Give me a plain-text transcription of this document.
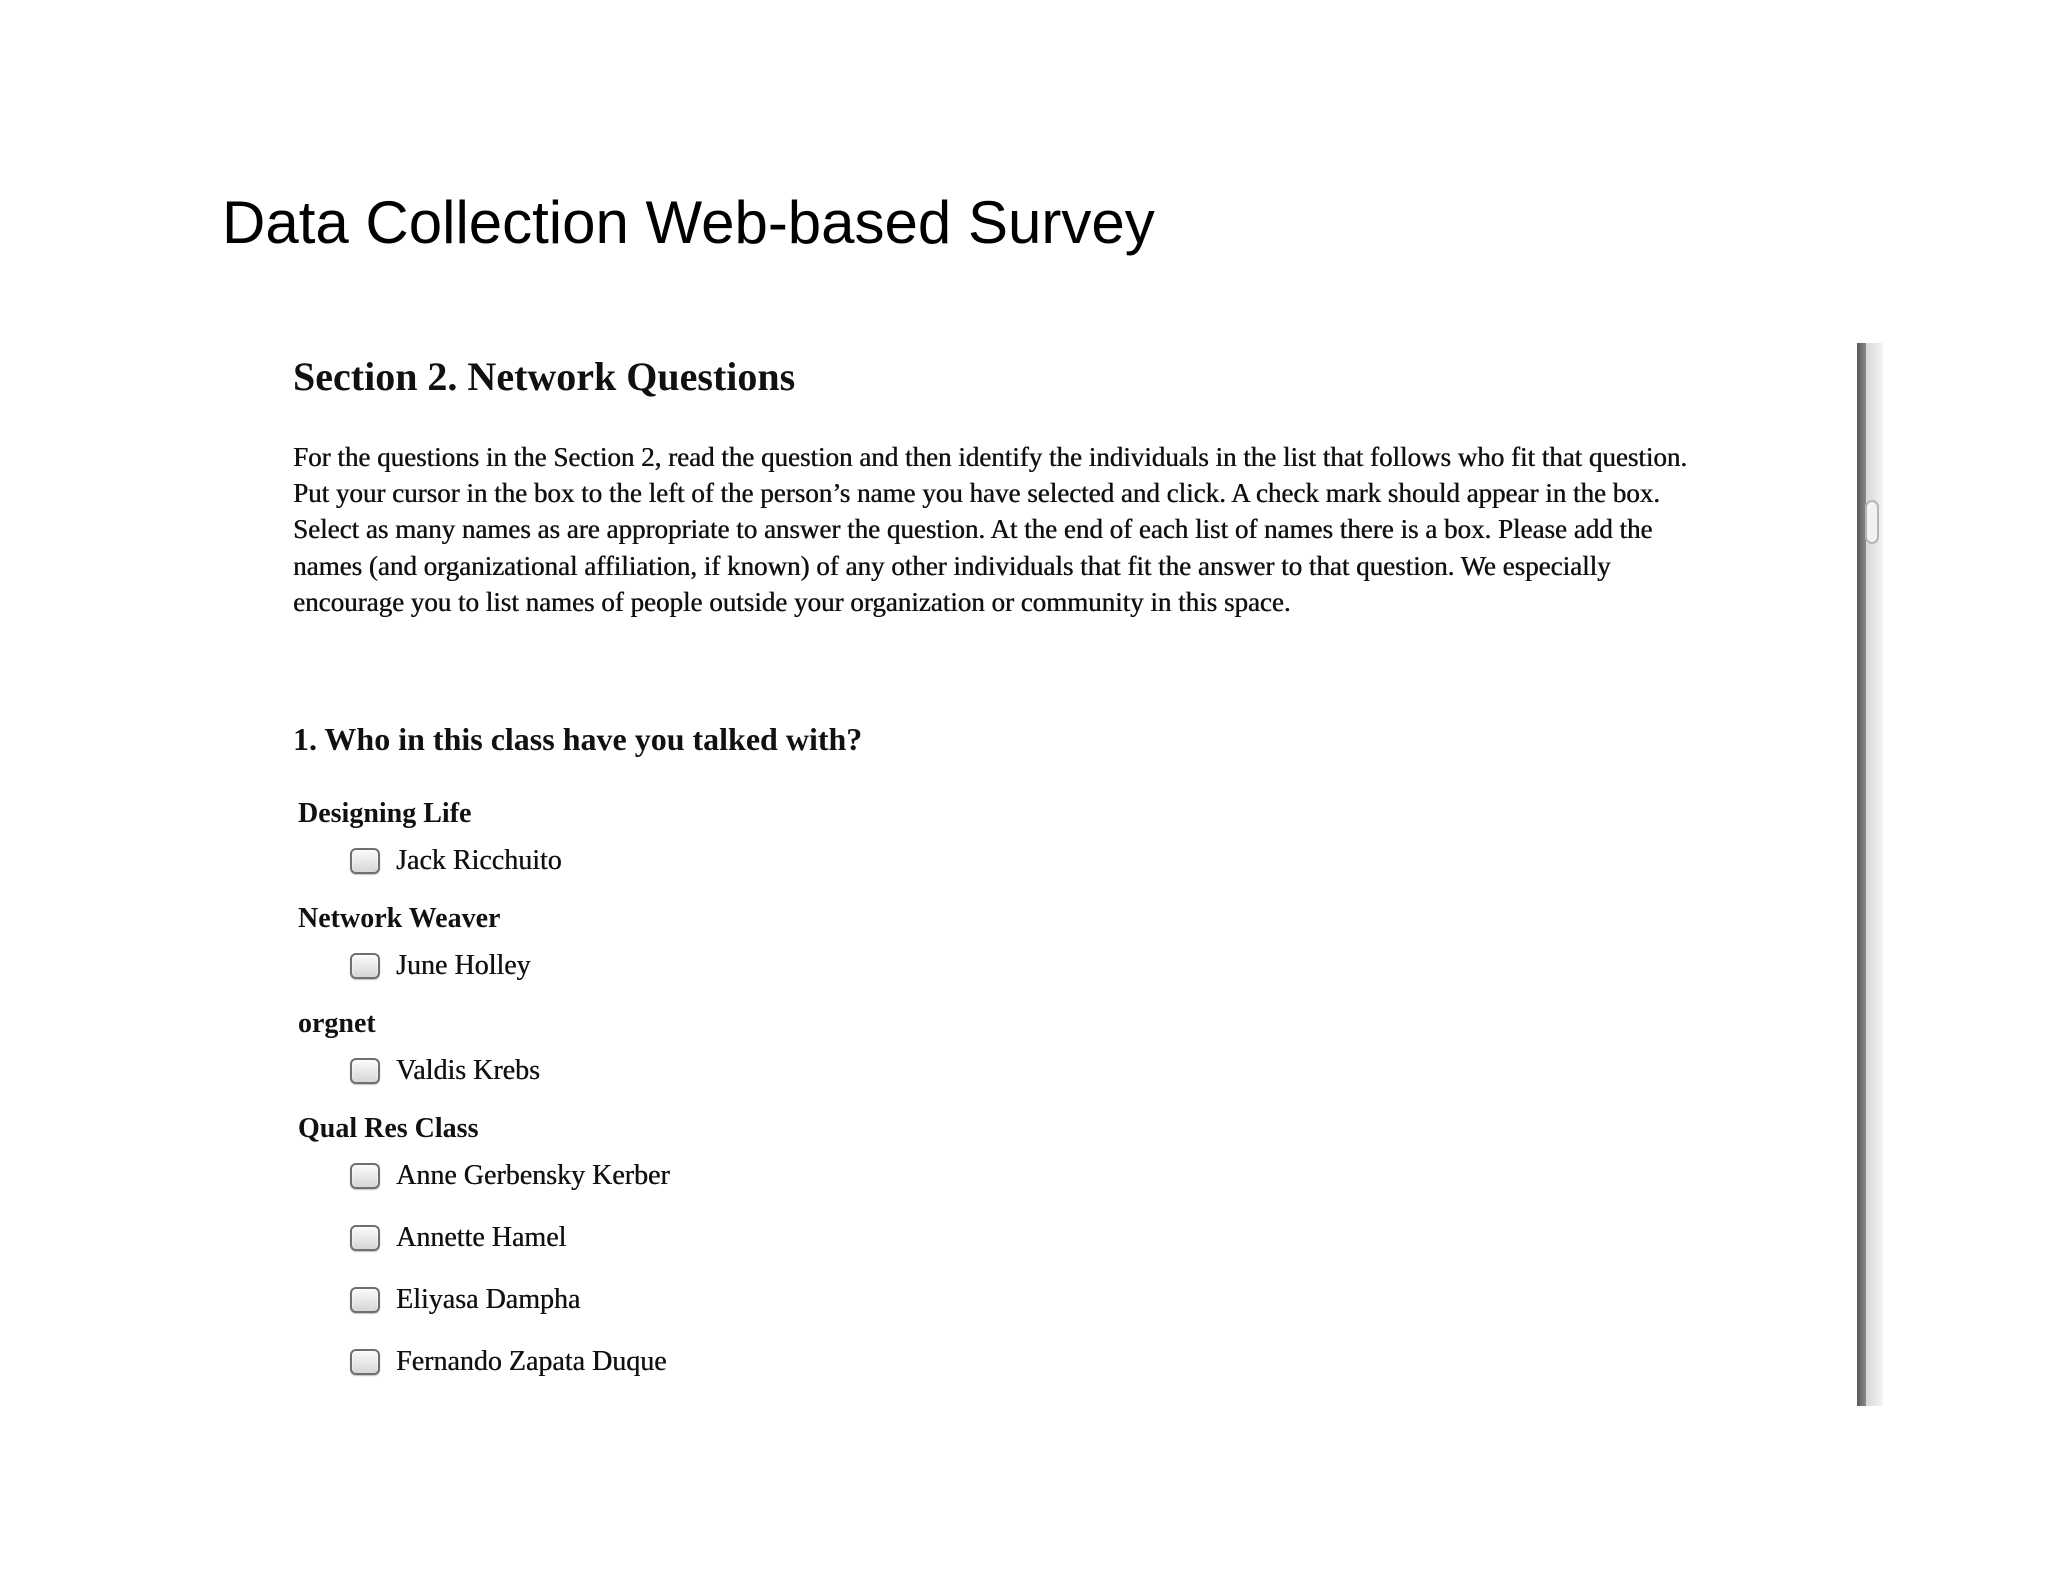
Data Collection Web-based Survey
Section 2. Network Questions

For the questions in the Section 2, read the question and then identify the individuals in the list that follows who fit that question. Put your cursor in the box to the left of the person’s name you have selected and click. A check mark should appear in the box. Select as many names as are appropriate to answer the question. At the end of each list of names there is a box. Please add the names (and organizational affiliation, if known) of any other individuals that fit the answer to that question. We especially encourage you to list names of people outside your organization or community in this space.

1. Who in this class have you talked with?
Designing Life
Jack Ricchuito
Network Weaver
June Holley
orgnet
Valdis Krebs
Qual Res Class
Anne Gerbensky Kerber
Annette Hamel
Eliyasa Dampha
Fernando Zapata Duque
